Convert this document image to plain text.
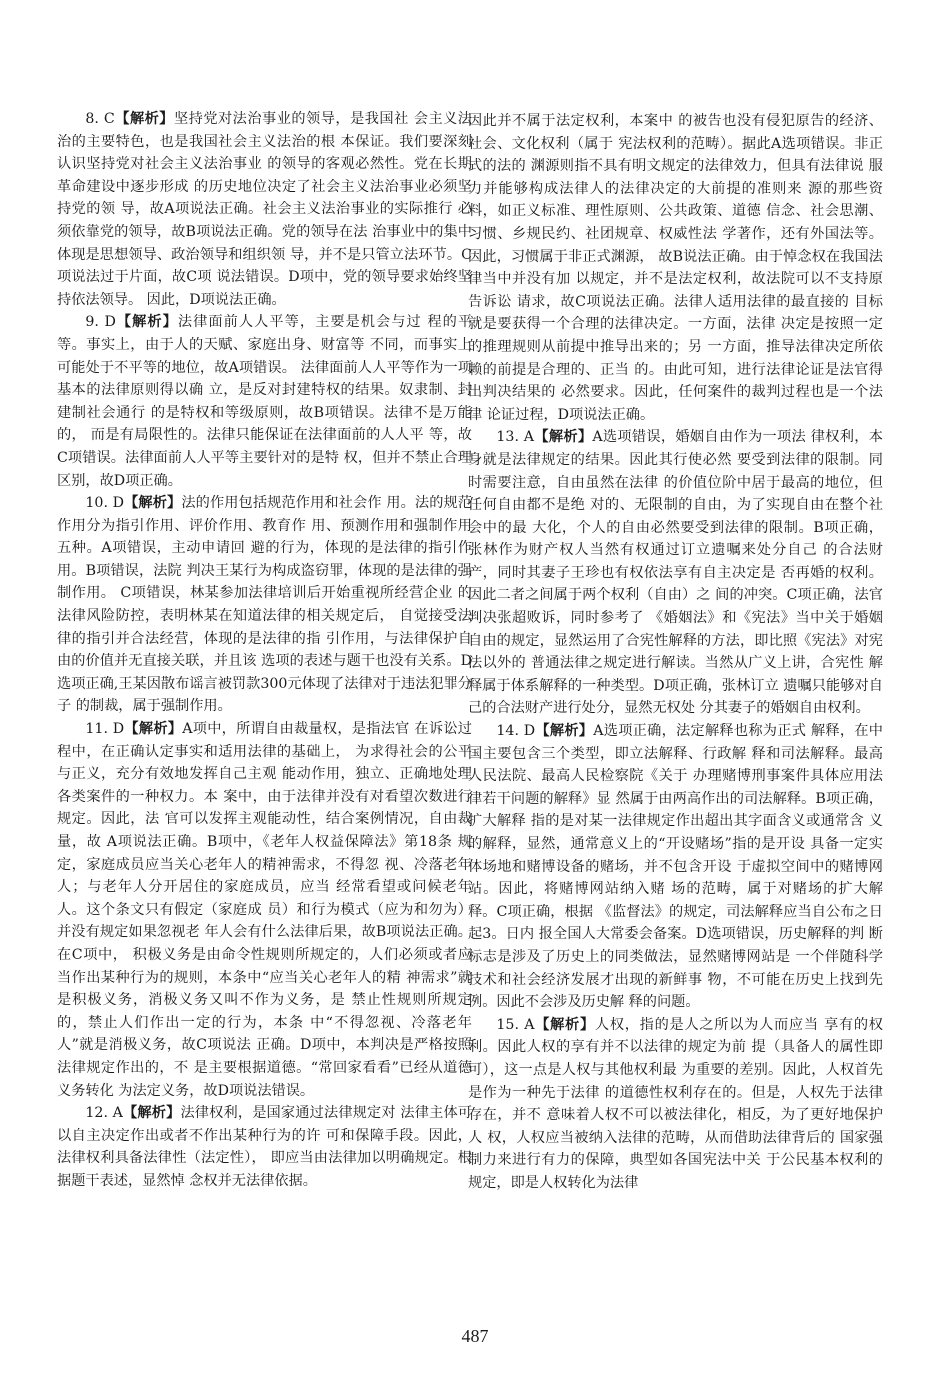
8. C【解析】坚持党对法治事业的领导，是我国社 会主义法治的主要特色，也是我国社会主义法治的根 本保证。我们要深刻认识坚持党对社会主义法治事业 的领导的客观必然性。党在长期革命建设中逐步形成 的历史地位决定了社会主义法治事业必须坚持党的领 导，故A项说法正确。社会主义法治事业的实际推行 必须依靠党的领导，故B项说法正确。党的领导在法 治事业中的集中体现是思想领导、政治领导和组织领 导，并不是只管立法环节。C项说法过于片面，故C项 说法错误。D项中，党的领导要求始终坚持依法领导。 因此，D项说法正确。

9. D【解析】法律面前人人平等，主要是机会与过 程的平等。事实上，由于人的天赋、家庭出身、财富等 不同，而事实上可能处于不平等的地位，故A项错误。 法律面前人人平等作为一项基本的法律原则得以确 立，是反对封建特权的结果。奴隶制、封建制社会通行 的是特权和等级原则，故B项错误。法律不是万能的， 而是有局限性的。法律只能保证在法律面前的人人平 等，故C项错误。法律面前人人平等主要针对的是特 权，但并不禁止合理区别，故D项正确。

10. D【解析】法的作用包括规范作用和社会作 用。法的规范作用分为指引作用、评价作用、教育作 用、预测作用和强制作用五种。A项错误，主动申请回 避的行为，体现的是法律的指引作用。B项错误，法院 判决王某行为构成盗窃罪，体现的是法律的强制作用。 C项错误，林某参加法律培训后开始重视所经营企业 的法律风险防控，表明林某在知道法律的相关规定后， 自觉接受法律的指引并合法经营，体现的是法律的指 引作用，与法律保护自由的价值并无直接关联，并且该 选项的表述与题干也没有关系。D选项正确,王某因散布谣言被罚款300元体现了法律对于违法犯罪分子 的制裁，属于强制作用。

11. D【解析】A项中，所谓自由裁量权，是指法官 在诉讼过程中，在正确认定事实和适用法律的基础上， 为求得社会的公平与正义，充分有效地发挥自己主观 能动作用，独立、正确地处理各类案件的一种权力。本 案中，由于法律并没有对看望次数进行规定。因此，法 官可以发挥主观能动性，结合案例情况，自由裁量，故 A项说法正确。B项中，《老年人权益保障法》第18条 规定，家庭成员应当关心老年人的精神需求，不得忽 视、冷落老年人；与老年人分开居住的家庭成员，应当 经常看望或问候老年人。这个条文只有假定（家庭成 员）和行为模式（应为和勿为）并没有规定如果忽视老 年人会有什么法律后果，故B项说法正确。在C项中， 积极义务是由命令性规则所规定的，人们必须或者应 当作出某种行为的规则，本条中“应当关心老年人的精 神需求”就是积极义务，消极义务又叫不作为义务，是 禁止性规则所规定的，禁止人们作出一定的行为，本条 中“不得忽视、冷落老年人”就是消极义务，故C项说法 正确。D项中，本判决是严格按照法律规定作出的，不 是主要根据道德。“常回家看看”已经从道德义务转化 为法定义务，故D项说法错误。

12. A【解析】法律权利，是国家通过法律规定对 法律主体可以自主决定作出或者不作出某种行为的许 可和保障手段。因此，法律权利具备法律性（法定性）， 即应当由法律加以明确规定。根据题干表述，显然悼 念权并无法律依据。

因此并不属于法定权利，本案中 的被告也没有侵犯原告的经济、社会、文化权利（属于 宪法权利的范畴）。据此A选项错误。非正式的法的 渊源则指不具有明文规定的法律效力，但具有法律说 服力并能够构成法律人的法律决定的大前提的准则来 源的那些资料，如正义标准、理性原则、公共政策、道德 信念、社会思潮、习惯、乡规民约、社团规章、权威性法 学著作，还有外国法等。因此，习惯属于非正式渊源， 故B说法正确。由于悼念权在我国法律当中并没有加 以规定，并不是法定权利，故法院可以不支持原告诉讼 请求，故C项说法正确。法律人适用法律的最直接的 目标就是要获得一个合理的法律决定。一方面，法律 决定是按照一定的推理规则从前提中推导出来的；另 一方面，推导法律决定所依赖的前提是合理的、正当 的。由此可知，进行法律论证是法官得出判决结果的 必然要求。因此，任何案件的裁判过程也是一个法律 论证过程，D项说法正确。

13. A【解析】A选项错误，婚姻自由作为一项法 律权利，本身就是法律规定的结果。因此其行使必然 要受到法律的限制。同时需要注意，自由虽然在法律 的价值位阶中居于最高的地位，但任何自由都不是绝 对的、无限制的自由，为了实现自由在整个社会中的最 大化，个人的自由必然要受到法律的限制。B项正确， 张林作为财产权人当然有权通过订立遗嘱来处分自己 的合法财产，同时其妻子王珍也有权依法享有自主决定是 否再婚的权利。因此二者之间属于两个权利（自由）之 间的冲突。C项正确，法官判决张超败诉，同时参考了 《婚姻法》和《宪法》当中关于婚姻自由的规定，显然运用了合宪性解释的方法，即比照《宪法》对宪法以外的 普通法律之规定进行解读。当然从广义上讲，合宪性 解释属于体系解释的一种类型。D项正确，张林订立 遗嘱只能够对自己的合法财产进行处分，显然无权处 分其妻子的婚姻自由权利。

14. D【解析】A选项正确，法定解释也称为正式 解释，在中国主要包含三个类型，即立法解释、行政解 释和司法解释。最高人民法院、最高人民检察院《关于 办理赌博刑事案件具体应用法律若干问题的解释》显 然属于由两高作出的司法解释。B项正确，扩大解释 指的是对某一法律规定作出超出其字面含义或通常含 义的解释，显然，通常意义上的“开设赌场”指的是开设 具备一定实体场地和赌博设备的赌场，并不包含开设 于虚拟空间中的赌博网站。因此，将赌博网站纳入赌 场的范畴，属于对赌场的扩大解释。C项正确，根据 《监督法》的规定，司法解释应当自公布之日起3。日内 报全国人大常委会备案。D选项错误，历史解释的判 断标志是涉及了历史上的同类做法，显然赌博网站是 一个伴随科学技术和社会经济发展才出现的新鲜事 物，不可能在历史上找到先例。因此不会涉及历史解 释的问题。

15. A【解析】人权，指的是人之所以为人而应当 享有的权利。因此人权的享有并不以法律的规定为前 提（具备人的属性即可），这一点是人权与其他权利最 为重要的差别。因此，人权首先是作为一种先于法律 的道德性权利存在的。但是，人权先于法律存在，并不 意味着人权不可以被法律化，相反，为了更好地保护人 权，人权应当被纳入法律的范畴，从而借助法律背后的 国家强制力来进行有力的保障，典型如各国宪法中关 于公民基本权利的规定，即是人权转化为法律

487
